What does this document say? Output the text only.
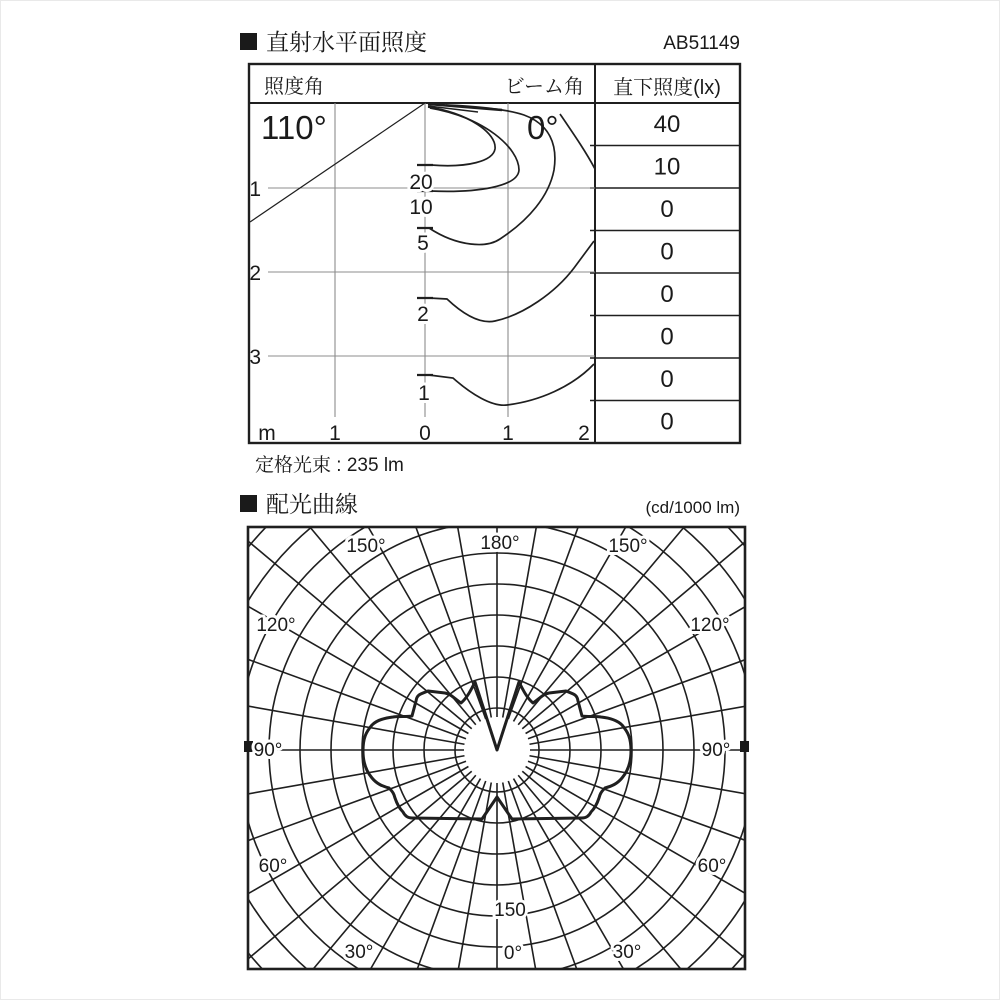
直射水平面照度	AB51149
照度角	ビーム角 直下照度(lx)
110°	0°	40
10
0
0
0
0
0
0
20
10
5
2
1
1
2
3
m	1	0	1	2
定格光束 : 235 lm
配光曲線	(cd/1000 lm)
180°
150°	150°
120°	120°
90°	90°
60°	60°
30°	30°
0°
150
